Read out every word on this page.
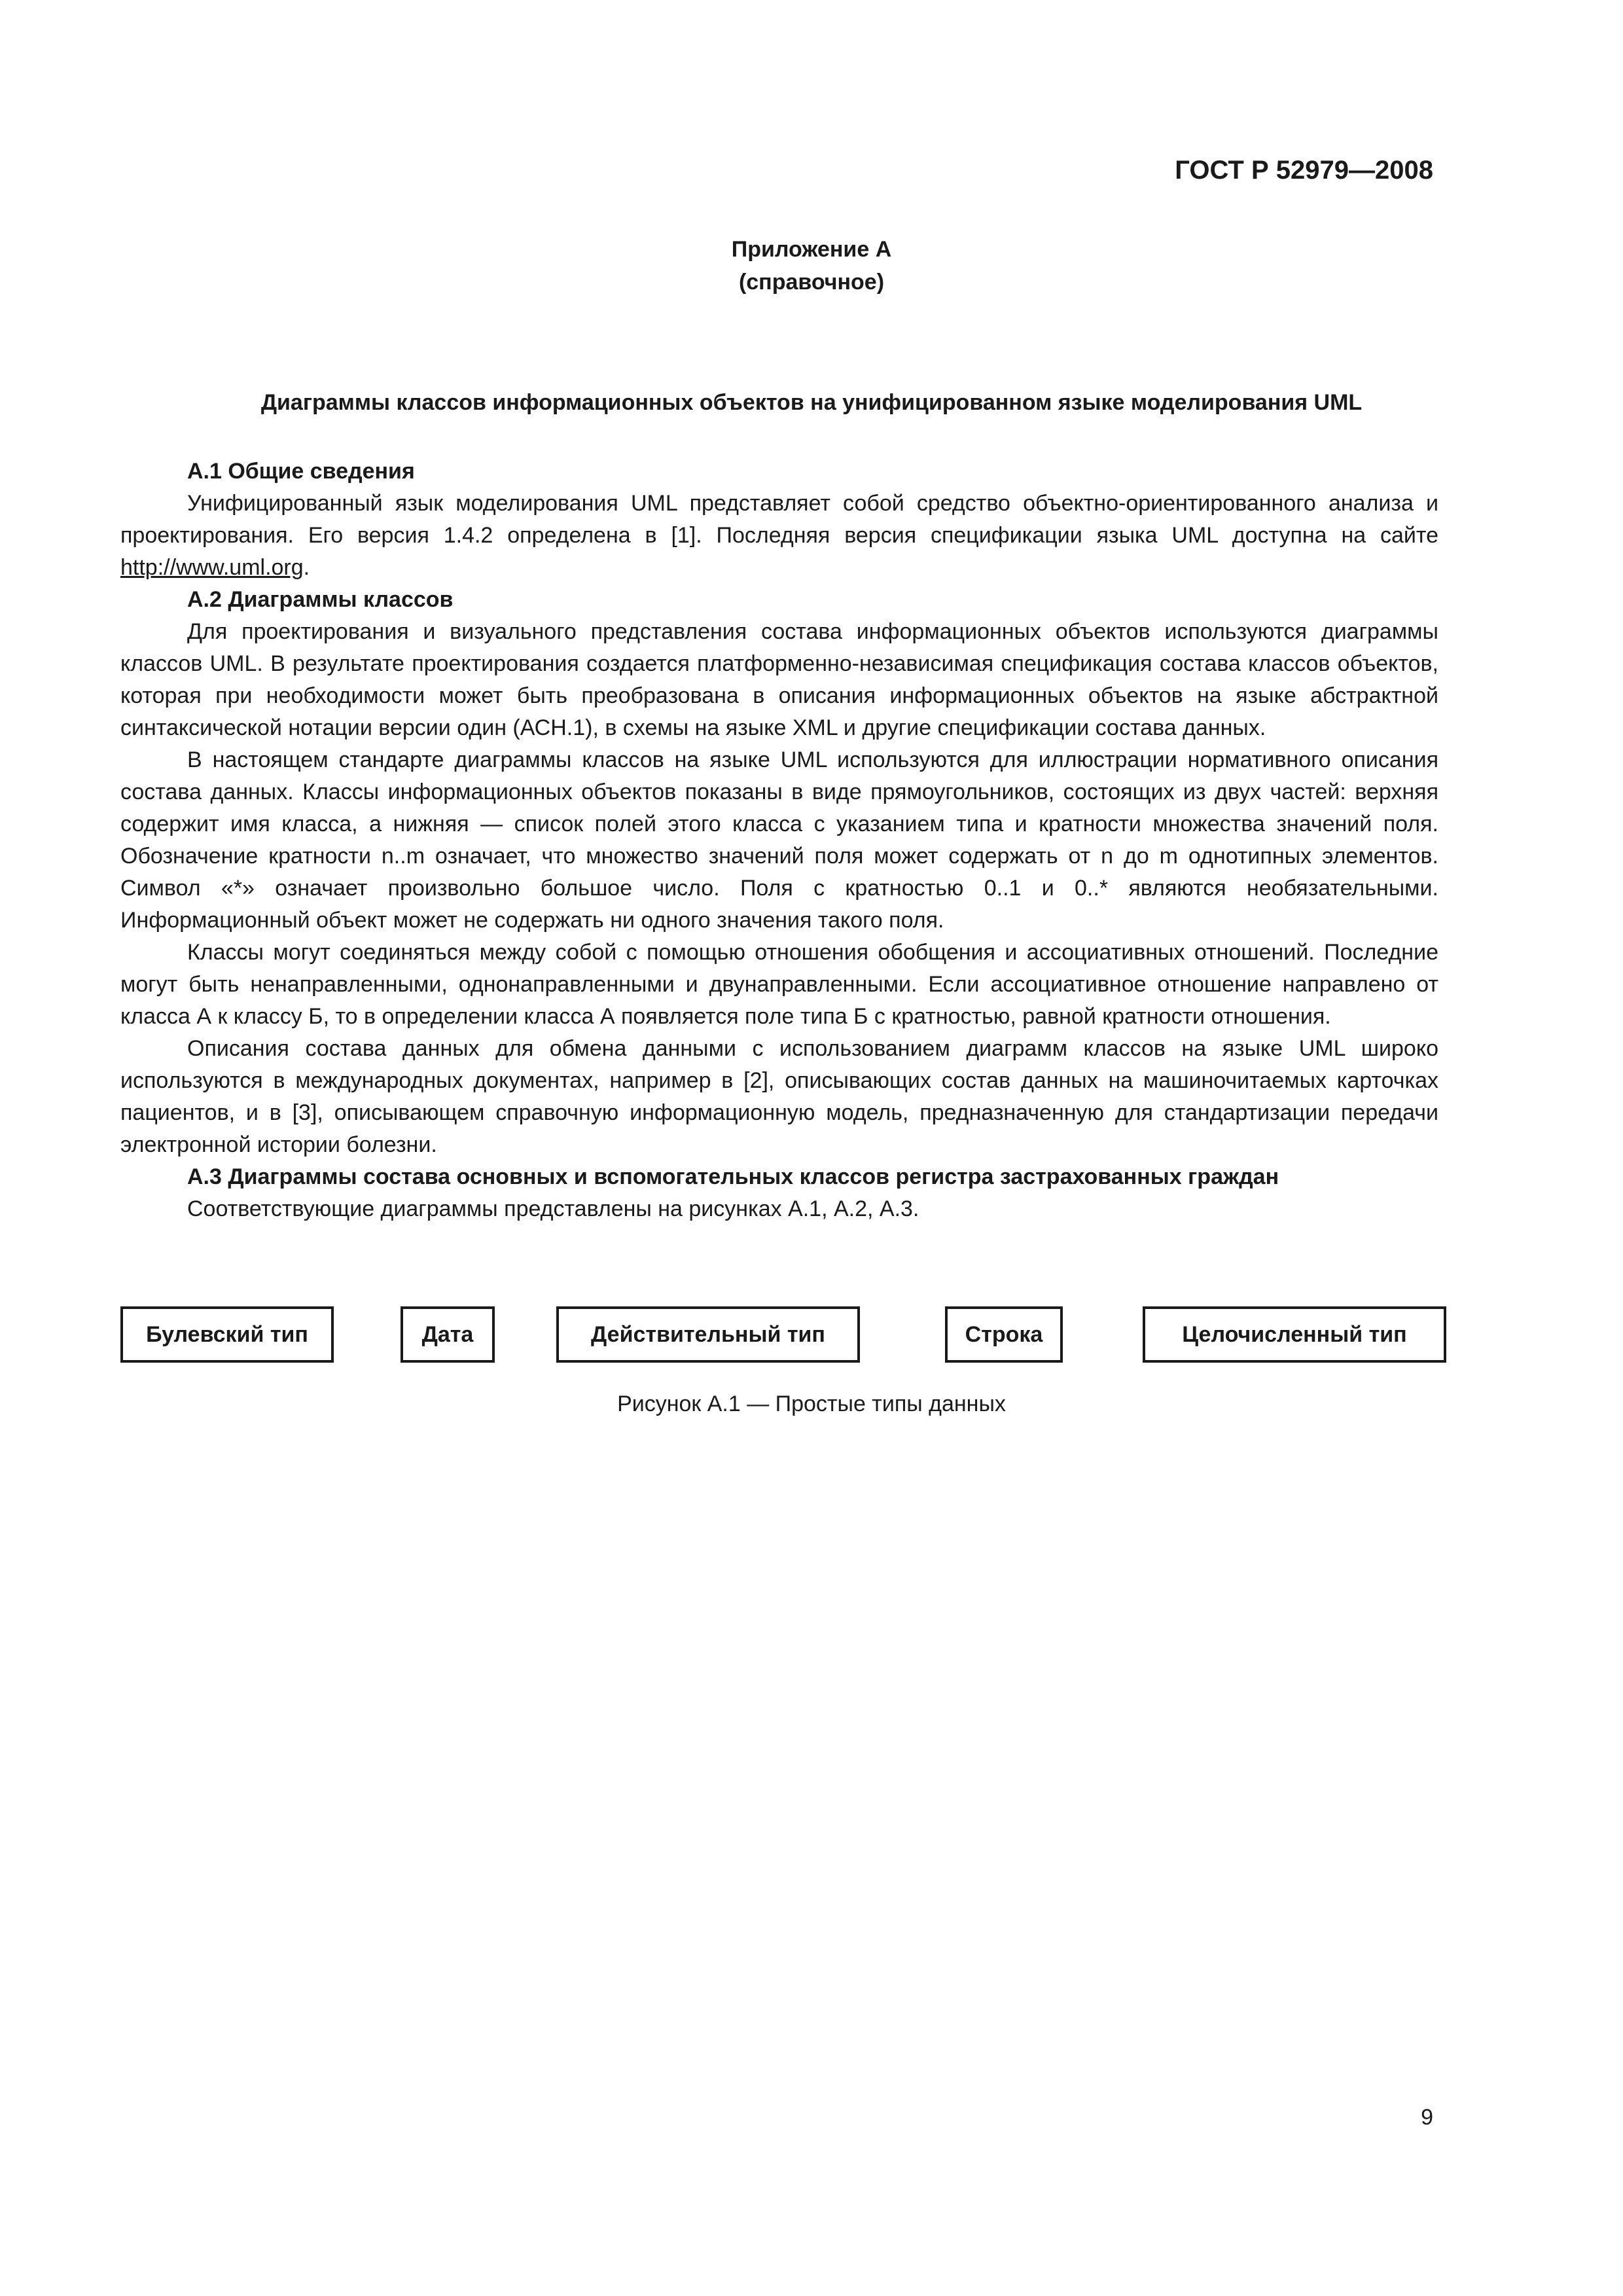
ГОСТ Р 52979—2008
Приложение А
(справочное)
Диаграммы классов информационных объектов на унифицированном языке моделирования UML

А.1 Общие сведения

Унифицированный язык моделирования UML представляет собой средство объектно-ориентированного анализа и проектирования. Его версия 1.4.2 определена в [1]. Последняя версия спецификации языка UML доступна на сайте http://www.uml.org.

А.2 Диаграммы классов

Для проектирования и визуального представления состава информационных объектов используются диаграммы классов UML. В результате проектирования создается платформенно-независимая спецификация состава классов объектов, которая при необходимости может быть преобразована в описания информационных объектов на языке абстрактной синтаксической нотации версии один (АСН.1), в схемы на языке XML и другие спецификации состава данных.

В настоящем стандарте диаграммы классов на языке UML используются для иллюстрации нормативного описания состава данных. Классы информационных объектов показаны в виде прямоугольников, состоящих из двух частей: верхняя содержит имя класса, а нижняя — список полей этого класса с указанием типа и кратности множества значений поля. Обозначение кратности n..m означает, что множество значений поля может содержать от n до m однотипных элементов. Символ «*» означает произвольно большое число. Поля с кратностью 0..1 и 0..* являются необязательными. Информационный объект может не содержать ни одного значения такого поля.

Классы могут соединяться между собой с помощью отношения обобщения и ассоциативных отношений. Последние могут быть ненаправленными, однонаправленными и двунаправленными. Если ассоциативное отношение направлено от класса А к классу Б, то в определении класса А появляется поле типа Б с кратностью, равной кратности отношения.

Описания состава данных для обмена данными с использованием диаграмм классов на языке UML широко используются в международных документах, например в [2], описывающих состав данных на машиночитаемых карточках пациентов, и в [3], описывающем справочную информационную модель, предназначенную для стандартизации передачи электронной истории болезни.

А.3 Диаграммы состава основных и вспомогательных классов регистра застрахованных граждан

Соответствующие диаграммы представлены на рисунках А.1, А.2, А.3.

Булевский тип	Дата	Действительный тип	Строка	Целочисленный тип
Рисунок А.1 — Простые типы данных
9
